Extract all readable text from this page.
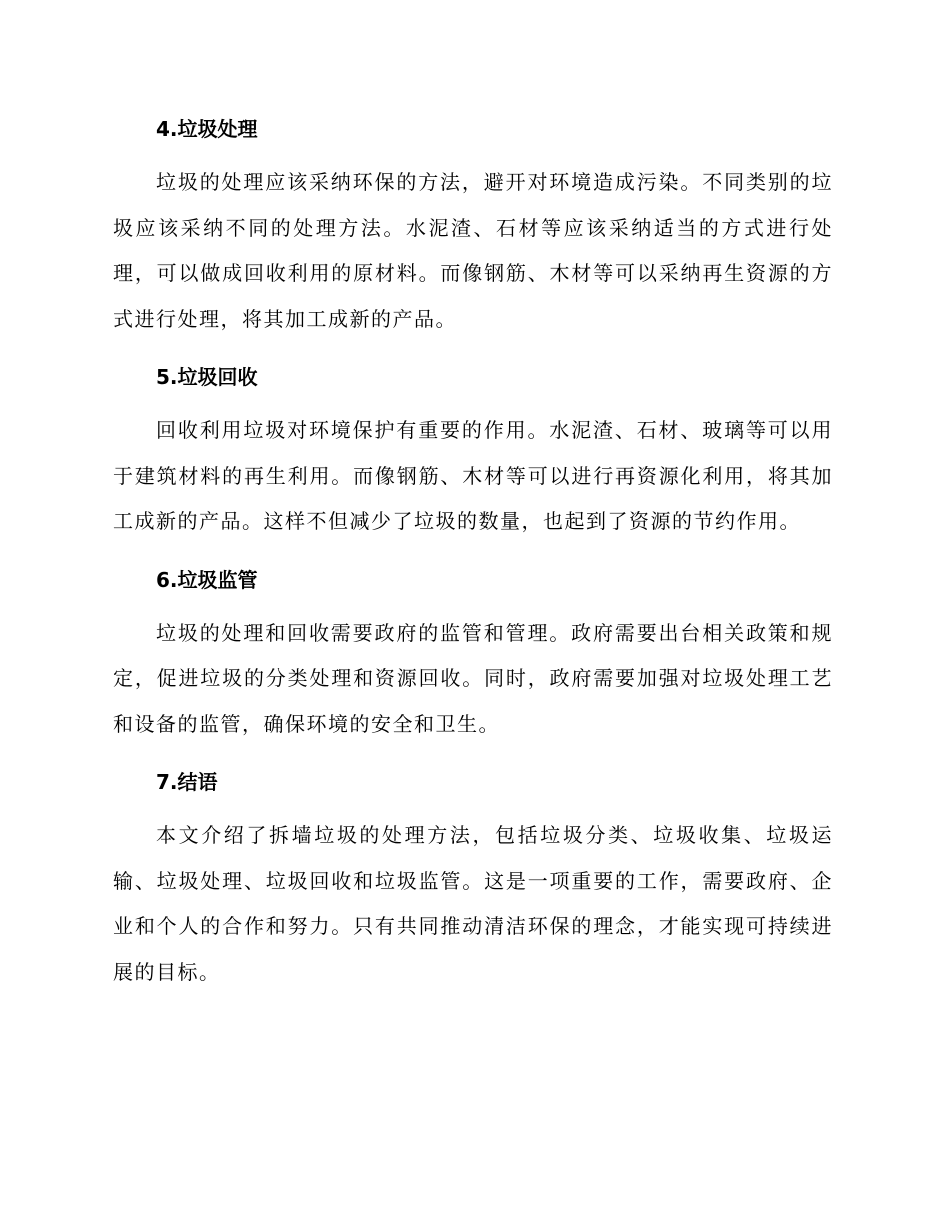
4.垃圾处理

垃圾的处理应该采纳环保的方法，避开对环境造成污染。不同类别的垃圾应该采纳不同的处理方法。水泥渣、石材等应该采纳适当的方式进行处理，可以做成回收利用的原材料。而像钢筋、木材等可以采纳再生资源的方式进行处理，将其加工成新的产品。

5.垃圾回收

回收利用垃圾对环境保护有重要的作用。水泥渣、石材、玻璃等可以用于建筑材料的再生利用。而像钢筋、木材等可以进行再资源化利用，将其加工成新的产品。这样不但减少了垃圾的数量，也起到了资源的节约作用。

6.垃圾监管

垃圾的处理和回收需要政府的监管和管理。政府需要出台相关政策和规定，促进垃圾的分类处理和资源回收。同时，政府需要加强对垃圾处理工艺和设备的监管，确保环境的安全和卫生。

7.结语

本文介绍了拆墙垃圾的处理方法，包括垃圾分类、垃圾收集、垃圾运输、垃圾处理、垃圾回收和垃圾监管。这是一项重要的工作，需要政府、企业和个人的合作和努力。只有共同推动清洁环保的理念，才能实现可持续进展的目标。
